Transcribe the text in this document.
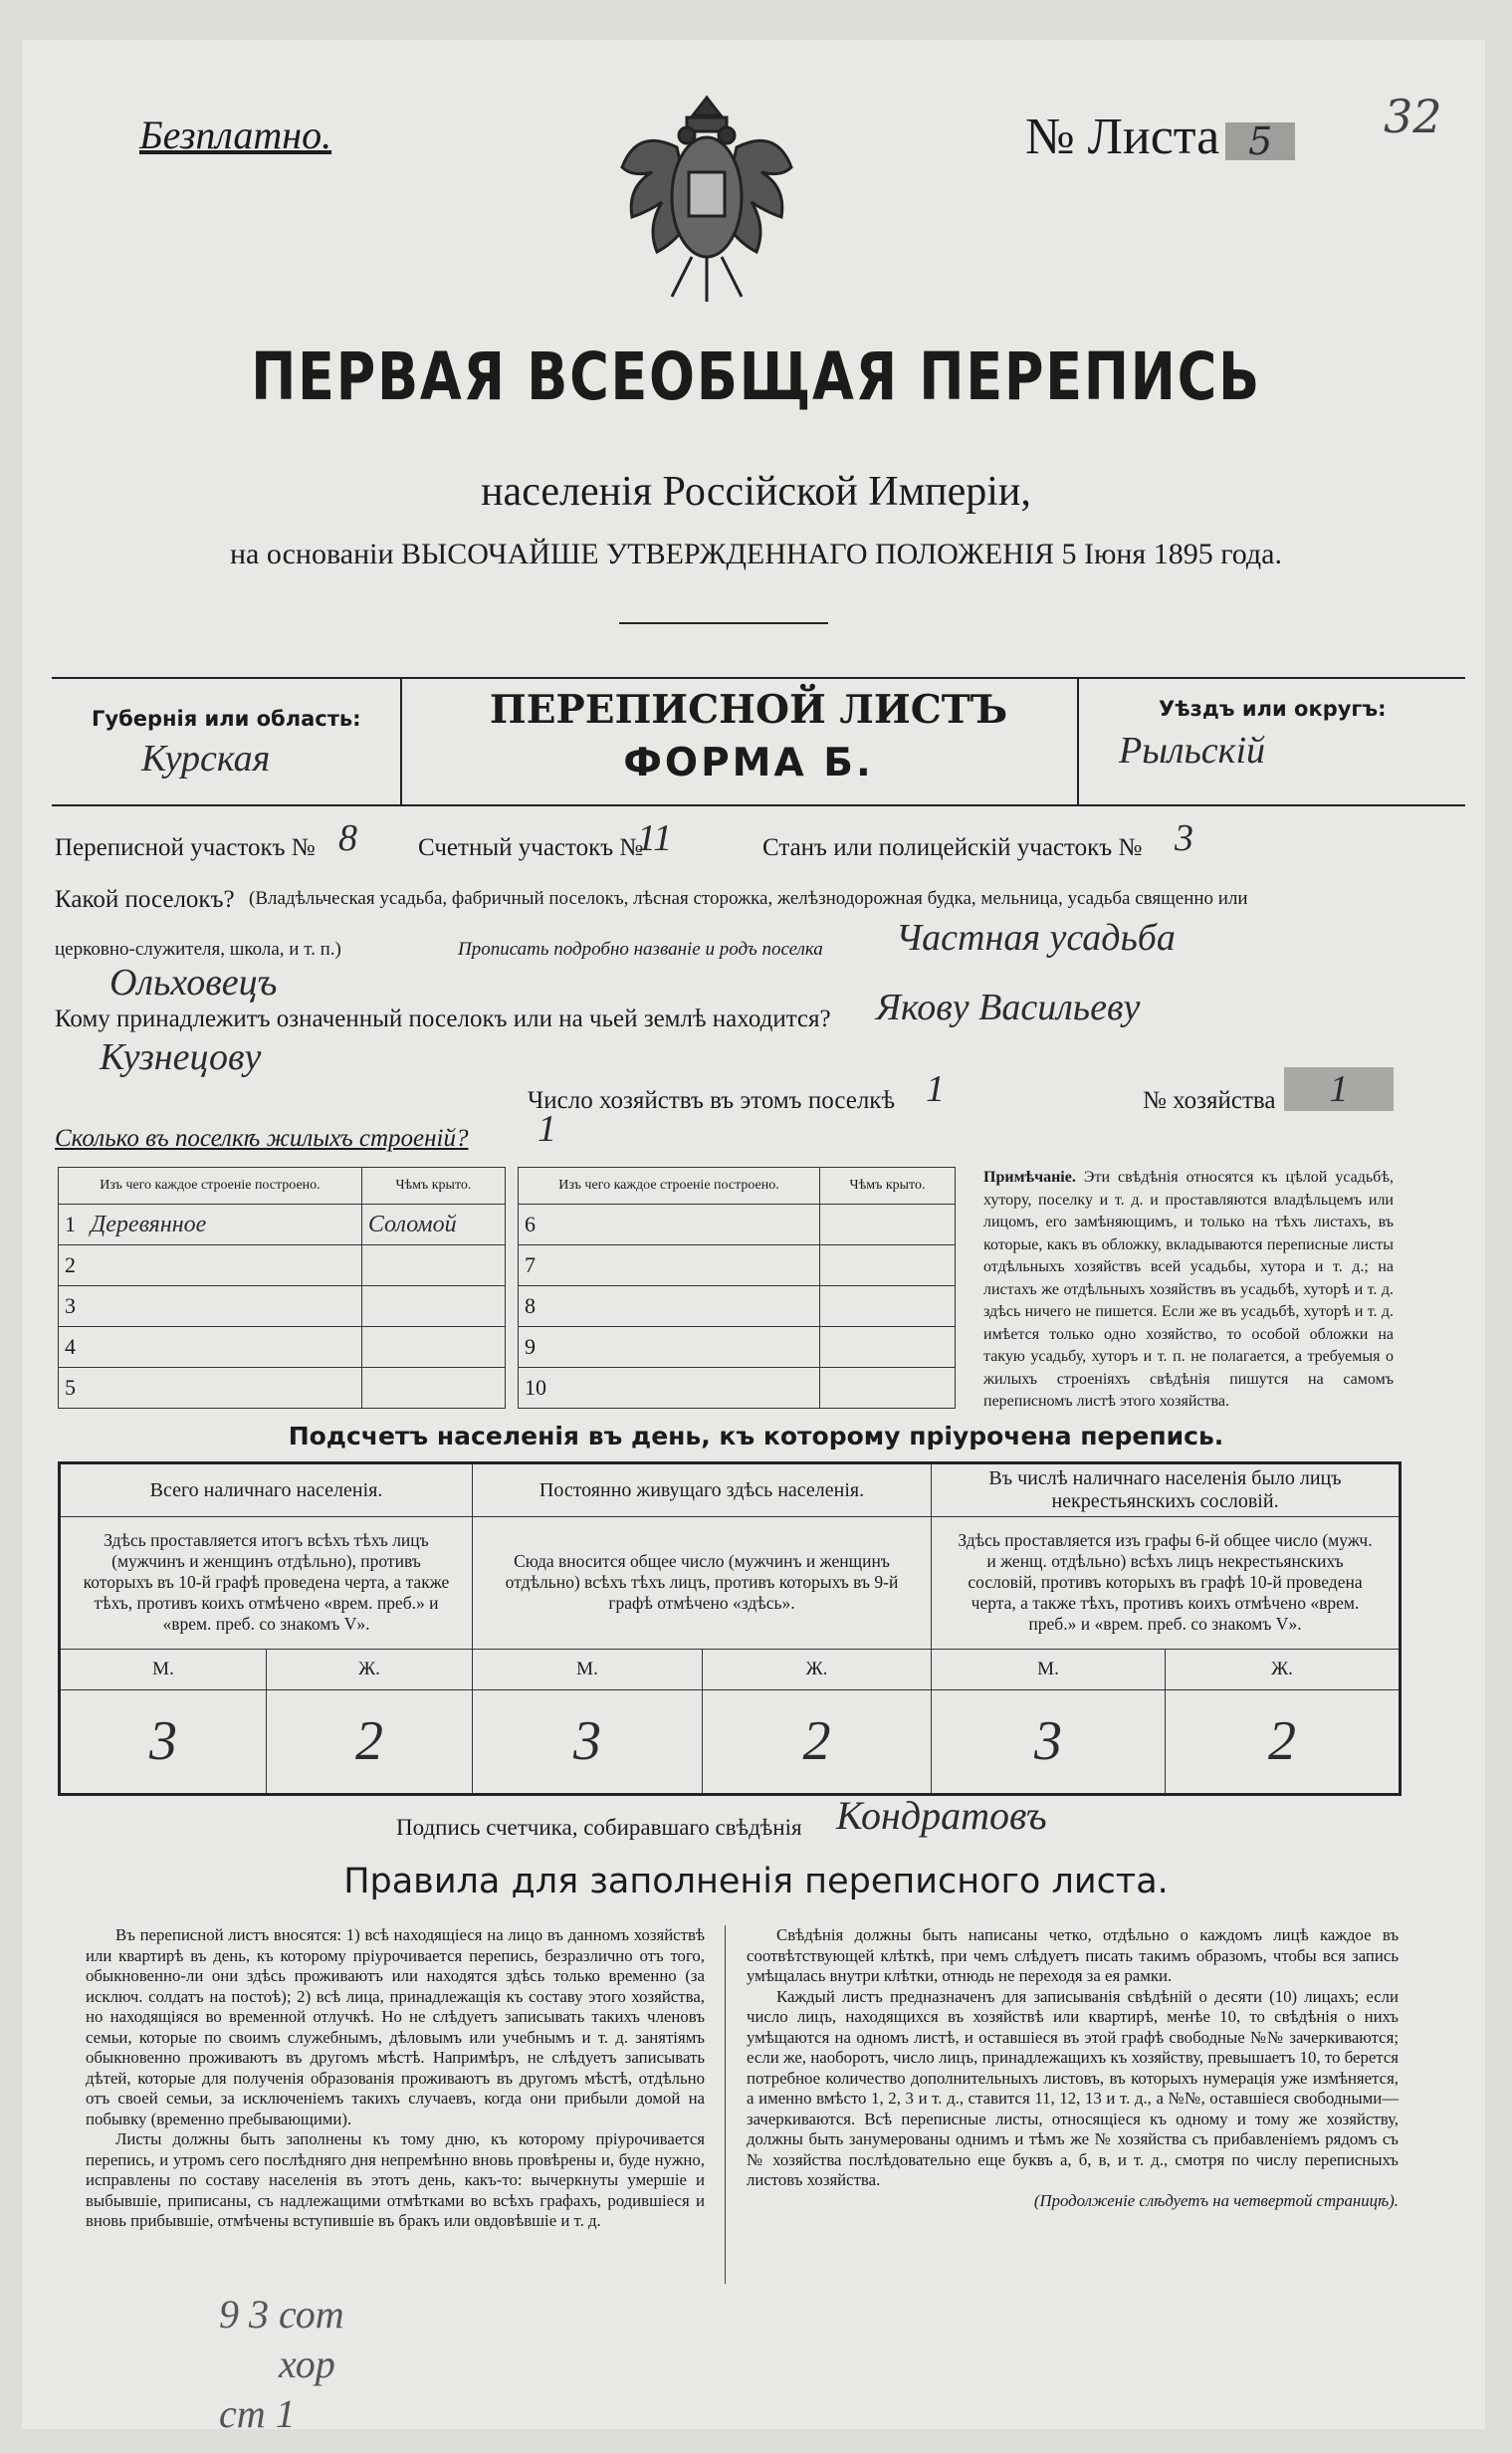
Безплатно.	№ Листа 5	32
ПЕРВАЯ ВСЕОБЩАЯ ПЕРЕПИСЬ
населенія Россійской Имперіи,
на основаніи ВЫСОЧАЙШЕ УТВЕРЖДЕННАГО ПОЛОЖЕНІЯ 5 Іюня 1895 года.
Губернія или область:
Курская
ПЕРЕПИСНОЙ ЛИСТЪ
ФОРМА Б.
Уѣздъ или округъ:
Рыльскій
Переписной участокъ № 8 Счетный участокъ №
11	Станъ или полицейскій участокъ № 3
Какой поселокъ? (Владѣльческая усадьба, фабричный поселокъ, лѣсная сторожка, желѣзнодорожная будка, мельница, усадьба священно или
церковно-служителя, школа, и т. п.)	Прописать подробно названіе и родъ поселка Частная усадьба
Ольховецъ
Кому принадлежитъ означенный поселокъ или на чьей землѣ находится? Якову Васильеву
Кузнецову
Число хозяйствъ въ этомъ поселкѣ 1	№ хозяйства	1
Сколько въ поселкѣ жилыхъ строеній? 1
Изъ чего каждое строеніе построено.		Чѣмъ крыто.
1	Деревянное	Соломой
2		
3		
4		
5		
Изъ чего каждое строеніе построено.		Чѣмъ крыто.
6		
7		
8		
9		
10		
Примѣчаніе. Эти свѣдѣнія относятся къ цѣлой усадьбѣ, хутору, поселку и т. д. и проставляются владѣльцемъ или лицомъ, его замѣняющимъ, и только на тѣхъ листахъ, въ которые, какъ въ обложку, вкладываются переписные листы отдѣльныхъ хозяйствъ всей усадьбы, хутора и т. д.; на листахъ же отдѣльныхъ хозяйствъ въ усадьбѣ, хуторѣ и т. д. здѣсь ничего не пишется. Если же въ усадьбѣ, хуторѣ и т. д. имѣется только одно хозяйство, то особой обложки на такую усадьбу, хуторъ и т. п. не полагается, а требуемыя о жилыхъ строеніяхъ свѣдѣнія пишутся на самомъ переписномъ листѣ этого хозяйства.
Подсчетъ населенія въ день, къ которому пріурочена перепись.
Всего наличнаго населенія.
Здѣсь проставляется итогъ всѣхъ тѣхъ лицъ (мужчинъ и женщинъ отдѣльно), противъ которыхъ въ 10-й графѣ проведена черта, а также тѣхъ, противъ коихъ отмѣчено «врем. преб.» и «врем. преб. со знакомъ V».
М.	Ж.
3	2
Постоянно живущаго здѣсь населенія.
Сюда вносится общее число (мужчинъ и женщинъ отдѣльно) всѣхъ тѣхъ лицъ, противъ которыхъ въ 9-й графѣ отмѣчено «здѣсь».
М.	Ж.
3	2
Въ числѣ наличнаго населенія было лицъ некрестьянскихъ сословій.
Здѣсь проставляется изъ графы 6-й общее число (мужч. и женщ. отдѣльно) всѣхъ лицъ некрестьянскихъ сословій, противъ которыхъ въ графѣ 10-й проведена черта, а также тѣхъ, противъ коихъ отмѣчено «врем. преб.» и «врем. преб. со знакомъ V».
М.	Ж.
3	2
Подпись счетчика, собиравшаго свѣдѣнія Кондратовъ
Правила для заполненія переписного листа.
Въ переписной листъ вносятся: 1) всѣ находящіеся на лицо въ данномъ хозяйствѣ или квартирѣ въ день, къ которому пріурочивается перепись, безразлично отъ того, обыкновенно-ли они здѣсь проживаютъ или находятся здѣсь только временно (за исключ. солдатъ на постоѣ); 2) всѣ лица, принадлежащія къ составу этого хозяйства, но находящіяся во временной отлучкѣ. Но не слѣдуетъ записывать такихъ членовъ семьи, которые по своимъ служебнымъ, дѣловымъ или учебнымъ и т. д. занятіямъ обыкновенно проживаютъ въ другомъ мѣстѣ. Напримѣръ, не слѣдуетъ записывать дѣтей, которые для полученія образованія проживаютъ въ другомъ мѣстѣ, отдѣльно отъ своей семьи, за исключеніемъ такихъ случаевъ, когда они прибыли домой на побывку (временно пребывающими).
Листы должны быть заполнены къ тому дню, къ которому пріурочивается перепись, и утромъ сего послѣдняго дня непремѣнно вновь провѣрены и, буде нужно, исправлены по составу населенія въ этотъ день, какъ-то: вычеркнуты умершіе и выбывшіе, приписаны, съ надлежащими отмѣтками во всѣхъ графахъ, родившіеся и вновь прибывшіе, отмѣчены вступившіе въ бракъ или овдовѣвшіе и т. д.
Свѣдѣнія должны быть написаны четко, отдѣльно о каждомъ лицѣ каждое въ соотвѣтствующей клѣткѣ, при чемъ слѣдуетъ писать такимъ образомъ, чтобы вся запись умѣщалась внутри клѣтки, отнюдь не переходя за ея рамки.
Каждый листъ предназначенъ для записыванія свѣдѣній о десяти (10) лицахъ; если число лицъ, находящихся въ хозяйствѣ или квартирѣ, менѣе 10, то свѣдѣнія о нихъ умѣщаются на одномъ листѣ, и оставшіеся въ этой графѣ свободные №№ зачеркиваются; если же, наоборотъ, число лицъ, принадлежащихъ къ хозяйству, превышаетъ 10, то берется потребное количество дополнительныхъ листовъ, въ которыхъ нумерація уже измѣняется, а именно вмѣсто 1, 2, 3 и т. д., ставится 11, 12, 13 и т. д., а №№, оставшіеся свободными—зачеркиваются. Всѣ переписные листы, относящіеся къ одному и тому же хозяйству, должны быть занумерованы однимъ и тѣмъ же № хозяйства съ прибавленіемъ рядомъ съ № хозяйства послѣдовательно еще буквъ а, б, в, и т. д., смотря по числу переписныхъ листовъ хозяйства.
(Продолженіе слѣдуетъ на четвертой страницѣ).
9 3 сот
хор
ст 1
